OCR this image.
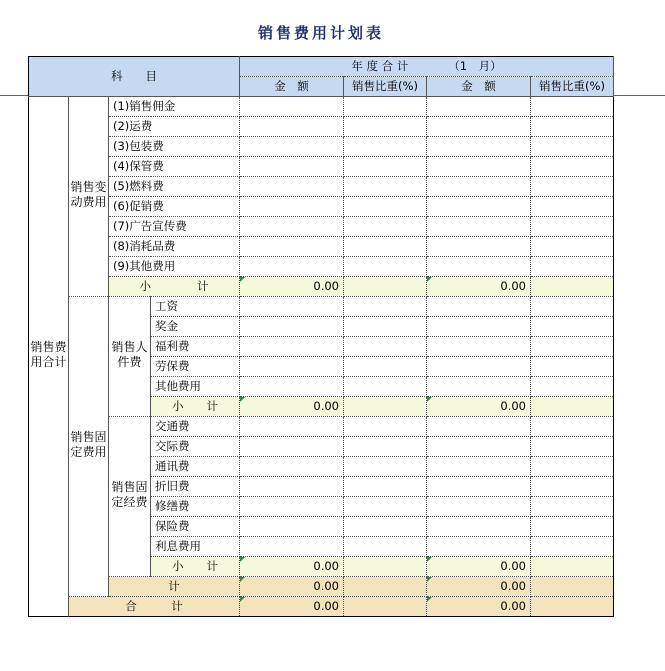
销售费用计划表
科　　目				年 度 合 计 （1　月）			
				金　额	销售比重(%)	金　额	销售比重(%)
销售费用合计	销售变动费用	(1)销售佣金					
		(2)运费					
		(3)包装费					
		(4)保管费					
		(5)燃料费					
		(6)促销费					
		(7)广告宣传费					
		(8)消耗品费					
		(9)其他费用					
		小　　　　计		0.00		0.00	
	销售固定费用	销售人件费	工资				
			奖金				
			福利费				
			劳保费				
			其他费用				
			小　　计	0.00		0.00	
		销售固定经费	交通费				
			交际费				
			通讯费				
			折旧费				
			修缮费				
			保险费				
			利息费用				
			小　　计	0.00		0.00	
		计		0.00		0.00	
	合　　　计			0.00		0.00	
